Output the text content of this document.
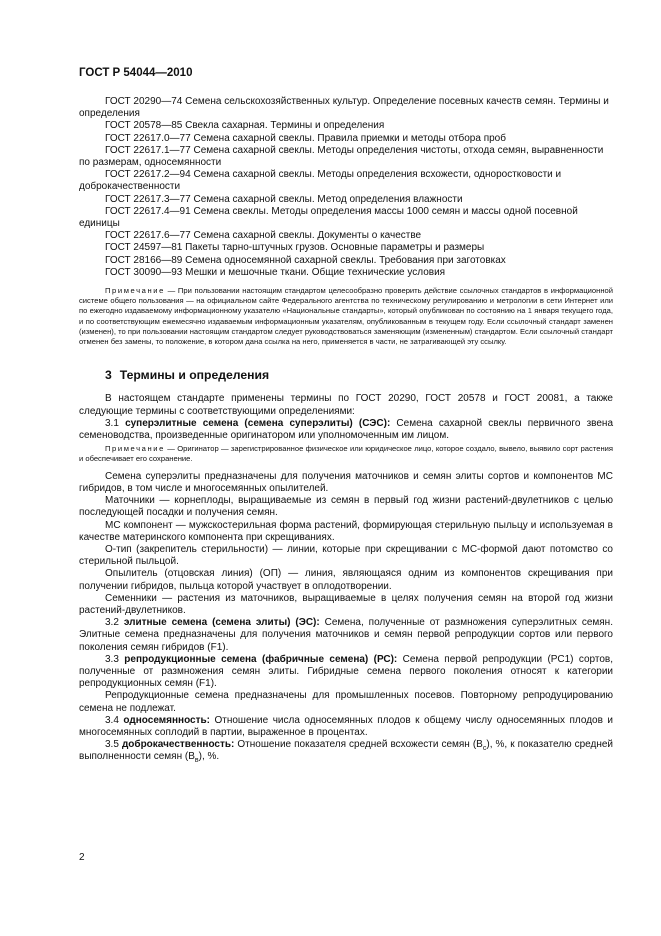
ГОСТ Р 54044—2010

ГОСТ 20290—74 Семена сельскохозяйственных культур. Определение посевных качеств семян. Термины и определения

ГОСТ 20578—85 Свекла сахарная. Термины и определения

ГОСТ 22617.0—77 Семена сахарной свеклы. Правила приемки и методы отбора проб

ГОСТ 22617.1—77 Семена сахарной свеклы. Методы определения чистоты, отхода семян, выравненности по размерам, односемянности

ГОСТ 22617.2—94 Семена сахарной свеклы. Методы определения всхожести, одноростковости и доброкачественности

ГОСТ 22617.3—77 Семена сахарной свеклы. Метод определения влажности

ГОСТ 22617.4—91 Семена свеклы. Методы определения массы 1000 семян и массы одной посевной единицы

ГОСТ 22617.6—77 Семена сахарной свеклы. Документы о качестве

ГОСТ 24597—81 Пакеты тарно-штучных грузов. Основные параметры и размеры

ГОСТ 28166—89 Семена односемянной сахарной свеклы. Требования при заготовках

ГОСТ 30090—93 Мешки и мешочные ткани. Общие технические условия

Примечание — При пользовании настоящим стандартом целесообразно проверить действие ссылочных стандартов в информационной системе общего пользования — на официальном сайте Федерального агентства по техническому регулированию и метрологии в сети Интернет или по ежегодно издаваемому информационному указателю «Национальные стандарты», который опубликован по состоянию на 1 января текущего года, и по соответствующим ежемесячно издаваемым информационным указателям, опубликованным в текущем году. Если ссылочный стандарт заменен (изменен), то при пользовании настоящим стандартом следует руководствоваться заменяющим (измененным) стандартом. Если ссылочный стандарт отменен без замены, то положение, в котором дана ссылка на него, применяется в части, не затрагивающей эту ссылку.

3 Термины и определения

В настоящем стандарте применены термины по ГОСТ 20290, ГОСТ 20578 и ГОСТ 20081, а также следующие термины с соответствующими определениями:

3.1 суперэлитные семена (семена суперэлиты) (СЭС): Семена сахарной свеклы первичного звена семеноводства, произведенные оригинатором или уполномоченным им лицом.

Примечание — Оригинатор — зарегистрированное физическое или юридическое лицо, которое создало, вывело, выявило сорт растения и обеспечивает его сохранение.

Семена суперэлиты предназначены для получения маточников и семян элиты сортов и компонентов МС гибридов, в том числе и многосемянных опылителей.

Маточники — корнеплоды, выращиваемые из семян в первый год жизни растений-двулетников с целью последующей посадки и получения семян.

МС компонент — мужскостерильная форма растений, формирующая стерильную пыльцу и используемая в качестве материнского компонента при скрещиваниях.

О-тип (закрепитель стерильности) — линии, которые при скрещивании с МС-формой дают потомство со стерильной пыльцой.

Опылитель (отцовская линия) (ОП) — линия, являющаяся одним из компонентов скрещивания при получении гибридов, пыльца которой участвует в оплодотворении.

Семенники — растения из маточников, выращиваемые в целях получения семян на второй год жизни растений-двулетников.

3.2 элитные семена (семена элиты) (ЭС): Семена, полученные от размножения суперэлитных семян. Элитные семена предназначены для получения маточников и семян первой репродукции сортов или первого поколения семян гибридов (F1).

3.3 репродукционные семена (фабричные семена) (РС): Семена первой репродукции (РС1) сортов, полученные от размножения семян элиты. Гибридные семена первого поколения относят к категории репродукционных семян (F1).

Репродукционные семена предназначены для промышленных посевов. Повторному репродуцированию семена не подлежат.

3.4 односемянность: Отношение числа односемянных плодов к общему числу односемянных плодов и многосемянных соплодий в партии, выраженное в процентах.

3.5 доброкачественность: Отношение показателя средней всхожести семян $(В_с)$, %, к показателю средней выполненности семян $(В_в)$, %.

2
